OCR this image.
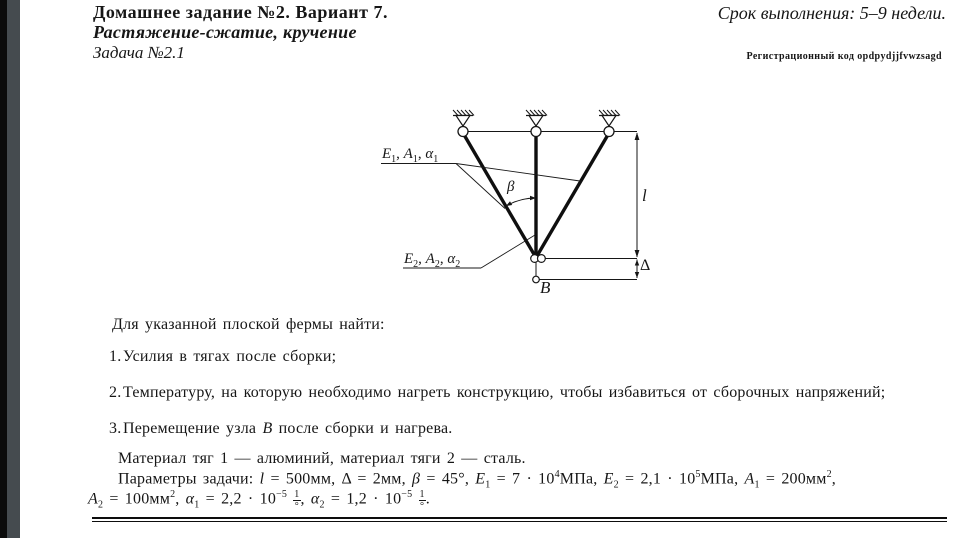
Домашнее задание №2. Вариант 7.
Растяжение-сжатие, кручение
Задача №2.1
Срок выполнения: 5–9 недели.
Регистрационный код opdpydjjfvwzsagd
$E_1$, $A_1$, $\alpha_1$
$E_2$, $A_2$, $\alpha_2$
β
B
l
Δ
Для указанной плоской фермы найти:
1. Усилия в тягах после сборки;
2. Температуру, на которую необходимо нагреть конструкцию, чтобы избавиться от сборочных напряжений;
3. Перемещение узла B после сборки и нагрева.
Материал тяг 1 — алюминий, материал тяги 2 — сталь.
Параметры задачи: l = 500мм, Δ = 2мм, β = 45°, $E_1 = 7 \cdot 10^4МПа$, $E_2 = 2,1 \cdot 10^5МПа$, $A_1 = 200мм^2$,
$A_2 = 100мм^2$, $\alpha_1 = 2,2 \cdot 10^{-5} \frac{1}{^\circ}$ , $\alpha_2 = 1,2 \cdot 10^{-5} \frac{1}{^\circ}$ .
